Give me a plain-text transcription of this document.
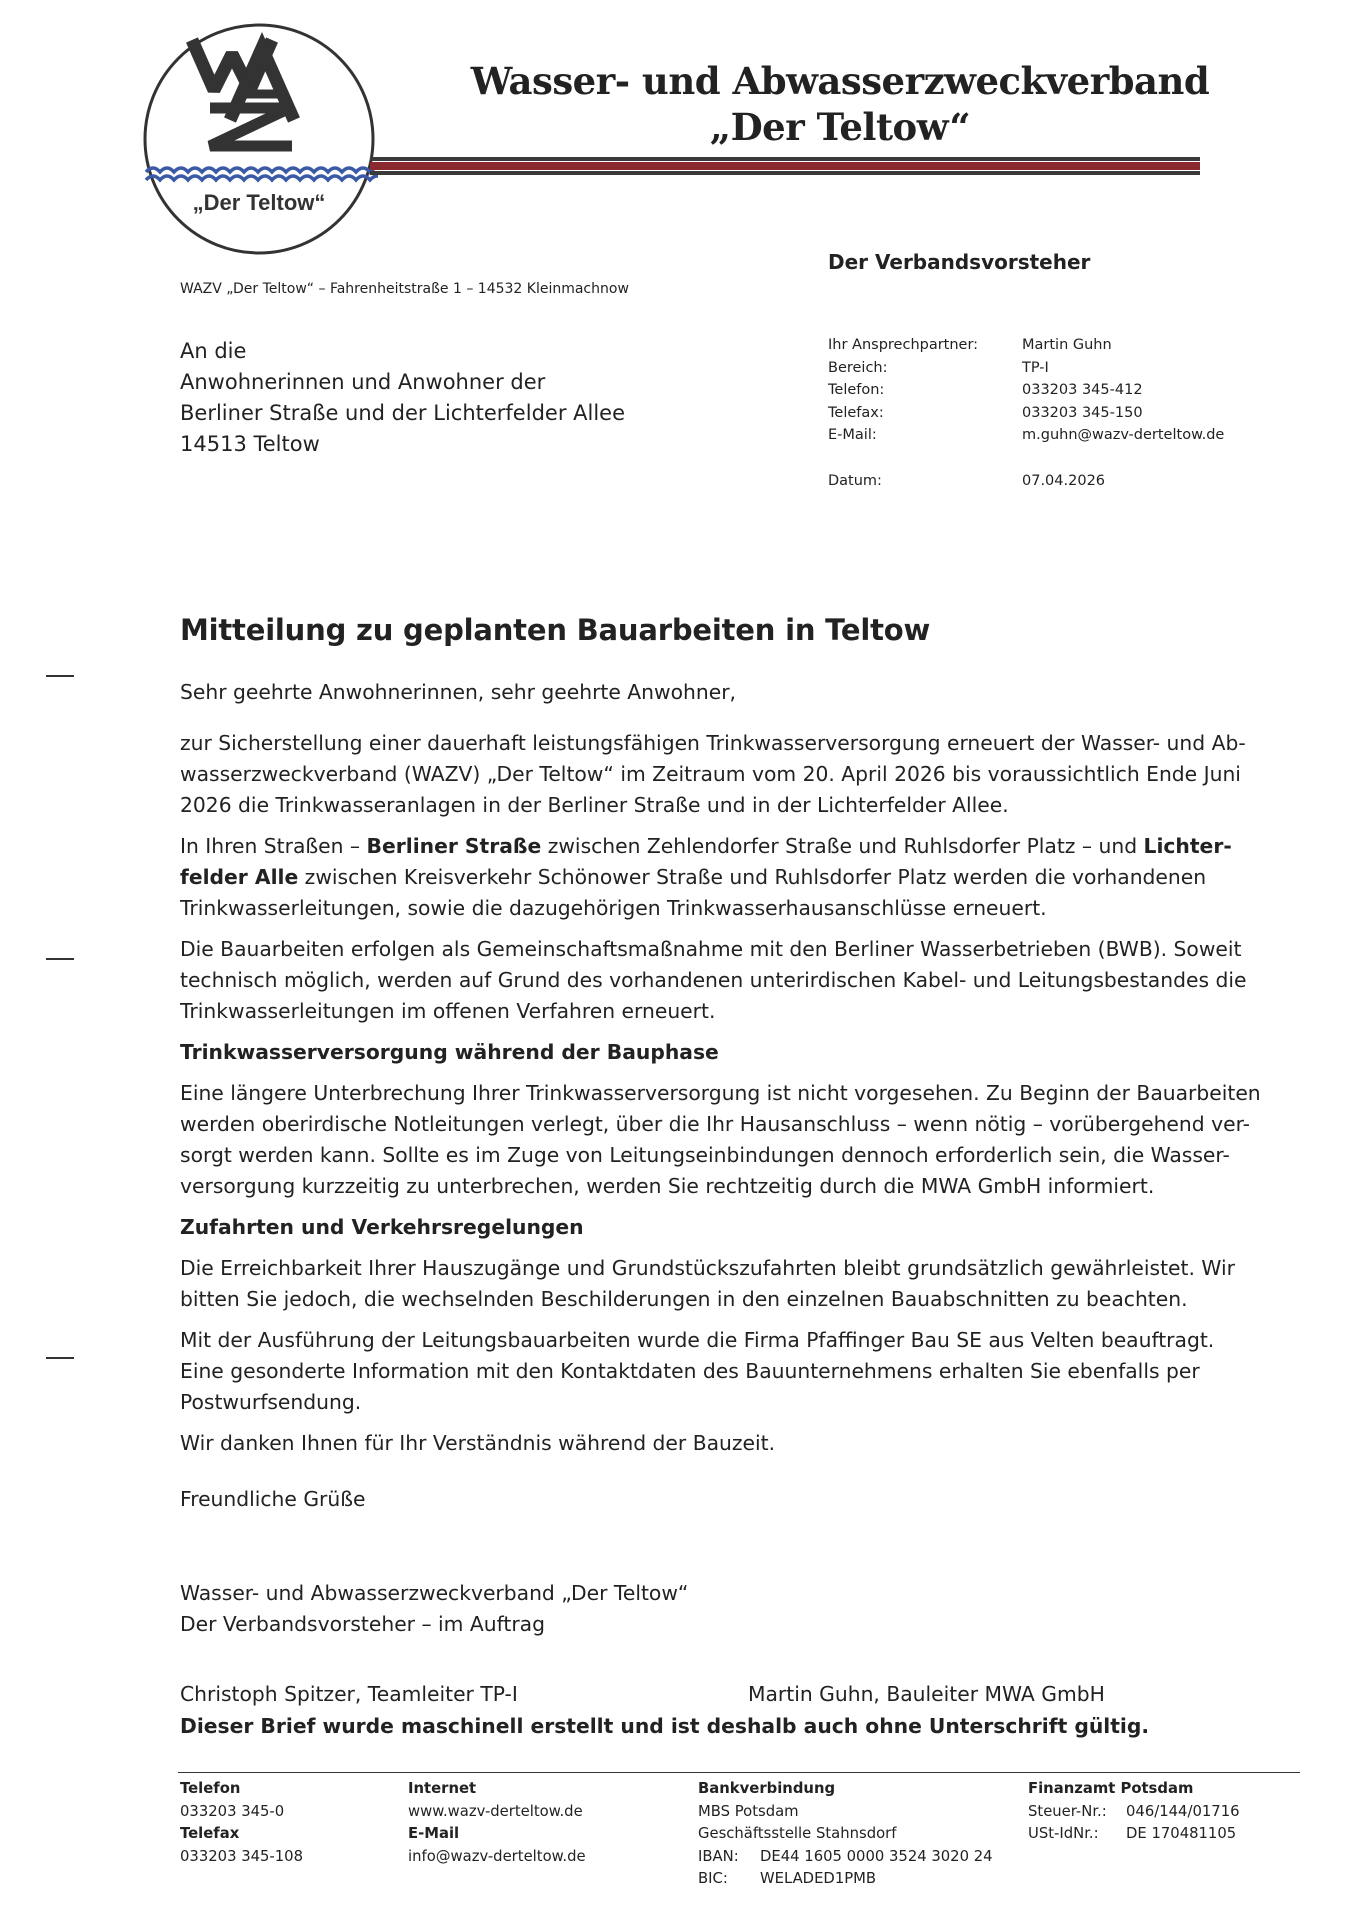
„Der Teltow“
Wasser- und Abwasserzweckverband
„Der Teltow“
Der Verbandsvorsteher
WAZV „Der Teltow“ – Fahrenheitstraße 1 – 14532 Kleinmachnow
An die
Anwohnerinnen und Anwohner der
Berliner Straße und der Lichterfelder Allee
14513 Teltow
Ihr Ansprechpartner:	Martin Guhn
Bereich:	TP-I
Telefon:	033203 345-412
Telefax:	033203 345-150
E-Mail:	m.guhn@wazv-derteltow.de
Datum:	07.04.2026
Mitteilung zu geplanten Bauarbeiten in Teltow

Sehr geehrte Anwohnerinnen, sehr geehrte Anwohner,

zur Sicherstellung einer dauerhaft leistungsfähigen Trinkwasserversorgung erneuert der Wasser- und Ab-

wasserzweckverband (WAZV) „Der Teltow“ im Zeitraum vom 20. April 2026 bis voraussichtlich Ende Juni

2026 die Trinkwasseranlagen in der Berliner Straße und in der Lichterfelder Allee.

In Ihren Straßen – Berliner Straße zwischen Zehlendorfer Straße und Ruhlsdorfer Platz – und Lichter-

felder Alle zwischen Kreisverkehr Schönower Straße und Ruhlsdorfer Platz werden die vorhandenen

Trinkwasserleitungen, sowie die dazugehörigen Trinkwasserhausanschlüsse erneuert.

Die Bauarbeiten erfolgen als Gemeinschaftsmaßnahme mit den Berliner Wasserbetrieben (BWB). Soweit

technisch möglich, werden auf Grund des vorhandenen unterirdischen Kabel- und Leitungsbestandes die

Trinkwasserleitungen im offenen Verfahren erneuert.

Trinkwasserversorgung während der Bauphase

Eine längere Unterbrechung Ihrer Trinkwasserversorgung ist nicht vorgesehen. Zu Beginn der Bauarbeiten

werden oberirdische Notleitungen verlegt, über die Ihr Hausanschluss – wenn nötig – vorübergehend ver-

sorgt werden kann. Sollte es im Zuge von Leitungseinbindungen dennoch erforderlich sein, die Wasser-

versorgung kurzzeitig zu unterbrechen, werden Sie rechtzeitig durch die MWA GmbH informiert.

Zufahrten und Verkehrsregelungen

Die Erreichbarkeit Ihrer Hauszugänge und Grundstückszufahrten bleibt grundsätzlich gewährleistet. Wir

bitten Sie jedoch, die wechselnden Beschilderungen in den einzelnen Bauabschnitten zu beachten.

Mit der Ausführung der Leitungsbauarbeiten wurde die Firma Pfaffinger Bau SE aus Velten beauftragt.

Eine gesonderte Information mit den Kontaktdaten des Bauunternehmens erhalten Sie ebenfalls per

Postwurfsendung.

Wir danken Ihnen für Ihr Verständnis während der Bauzeit.

Freundliche Grüße
Wasser- und Abwasserzweckverband „Der Teltow“
Der Verbandsvorsteher – im Auftrag
Christoph Spitzer, Teamleiter TP-I	Martin Guhn, Bauleiter MWA GmbH
Dieser Brief wurde maschinell erstellt und ist deshalb auch ohne Unterschrift gültig.
Telefon
033203 345-0
Telefax
033203 345-108
Internet
www.wazv-derteltow.de
E-Mail
info@wazv-derteltow.de
Bankverbindung
MBS Potsdam
Geschäftsstelle Stahnsdorf
IBAN:	DE44 1605 0000 3524 3020 24
BIC:	WELADED1PMB
Finanzamt Potsdam
Steuer-Nr.:	046/144/01716
USt-IdNr.:	DE 170481105
